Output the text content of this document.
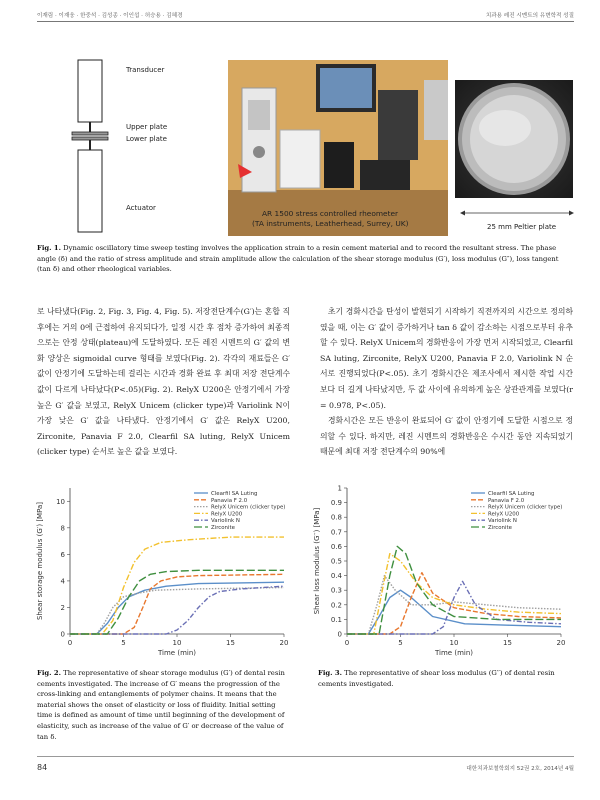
이재림 · 이재웅 · 한중석 · 김성종 · 이인섭 · 허승용 · 김혜경	치과용 레진 시멘트의 유변학적 성질
Transducer
Upper plate
Lower plate
Actuator
AR 1500 stress controlled rheometer
(TA instruments, Leatherhead, Surrey, UK)	25 mm Peltier plate
Fig. 1. Dynamic oscillatory time sweep testing involves the application strain to a resin cement material and to record the resultant stress. The phase angle (δ) and the ratio of stress amplitude and strain amplitude allow the calculation of the shear storage modulus (G′), loss modulus (G″), loss tangent (tan δ) and other rheological variables.

로 나타냈다(Fig. 2, Fig. 3, Fig. 4, Fig. 5). 저장전단계수(G′)는 혼합 직후에는 거의 0에 근접하여 유지되다가, 일정 시간 후 점차 증가하여 최종적으로는 안정 상태(plateau)에 도달하였다. 모든 레진 시멘트의 G′ 값의 변화 양상은 sigmoidal curve 형태를 보였다(Fig. 2). 각각의 재료들은 G′값이 안정기에 도달하는데 걸리는 시간과 경화 완료 후 최대 저장 전단계수 값이 다르게 나타났다(P<.05)(Fig. 2). RelyX U200은 안정기에서 가장 높은 G′ 값을 보였고, RelyX Unicem (clicker type)과 Variolink N이 가장 낮은 G′ 값을 나타냈다. 안정기에서 G′ 값은 RelyX U200, Zirconite, Panavia F 2.0, Clearfil SA luting, RelyX Unicem (clicker type) 순서로 높은 값을 보였다.

초기 경화시간을 탄성이 발현되기 시작하기 직전까지의 시간으로 정의하였을 때, 이는 G′ 값이 증가하거나 tan δ 값이 감소하는 시점으로부터 유추할 수 있다. RelyX Unicem의 경화반응이 가장 먼저 시작되었고, Clearfil SA luting, Zirconite, RelyX U200, Panavia F 2.0, Variolink N 순서로 진행되었다(P<.05). 초기 경화시간은 제조사에서 제시한 작업 시간보다 더 길게 나타났지만, 두 값 사이에 유의하게 높은 상관관계를 보였다(r = 0.978, P<.05).

경화시간은 모든 반응이 완료되어 G′ 값이 안정기에 도달한 시점으로 정의할 수 있다. 하지만, 레진 시멘트의 경화반응은 수시간 동안 지속되었기 때문에 최대 저장 전단계수의 90%에

0
2
4
6
8
10
0	5	10	15	20
Time (min)
Shear storage modulus (G′) [MPa]
Clearfil SA Luting
Panavia F 2.0
RelyX Unicem (clicker type)
RelyX U200
Variolink N
Zirconite
0
0.1
0.2
0.3
0.4
0.5
0.6
0.7
0.8
0.9
1
0	5	10	15	20
Time (min)
Shear loss modulus (G′′) [MPa]
Clearfil SA Luting
Panavia F 2.0
RelyX Unicem (clicker type)
RelyX U200
Variolink N
Zirconite
Fig. 2. The representative of shear storage modulus (G′) of dental resin cements investigated. The increase of G′ means the progression of the cross-linking and entanglements of polymer chains. It means that the material shows the onset of elasticity or loss of fluidity. Initial setting time is defined as amount of time until beginning of the development of elasticity, such as increase of the value of G′ or decrease of the value of tan δ.
Fig. 3. The representative of shear loss modulus (G′′) of dental resin cements investigated.
84	대한치과보철학회지 52권 2호, 2014년 4월
